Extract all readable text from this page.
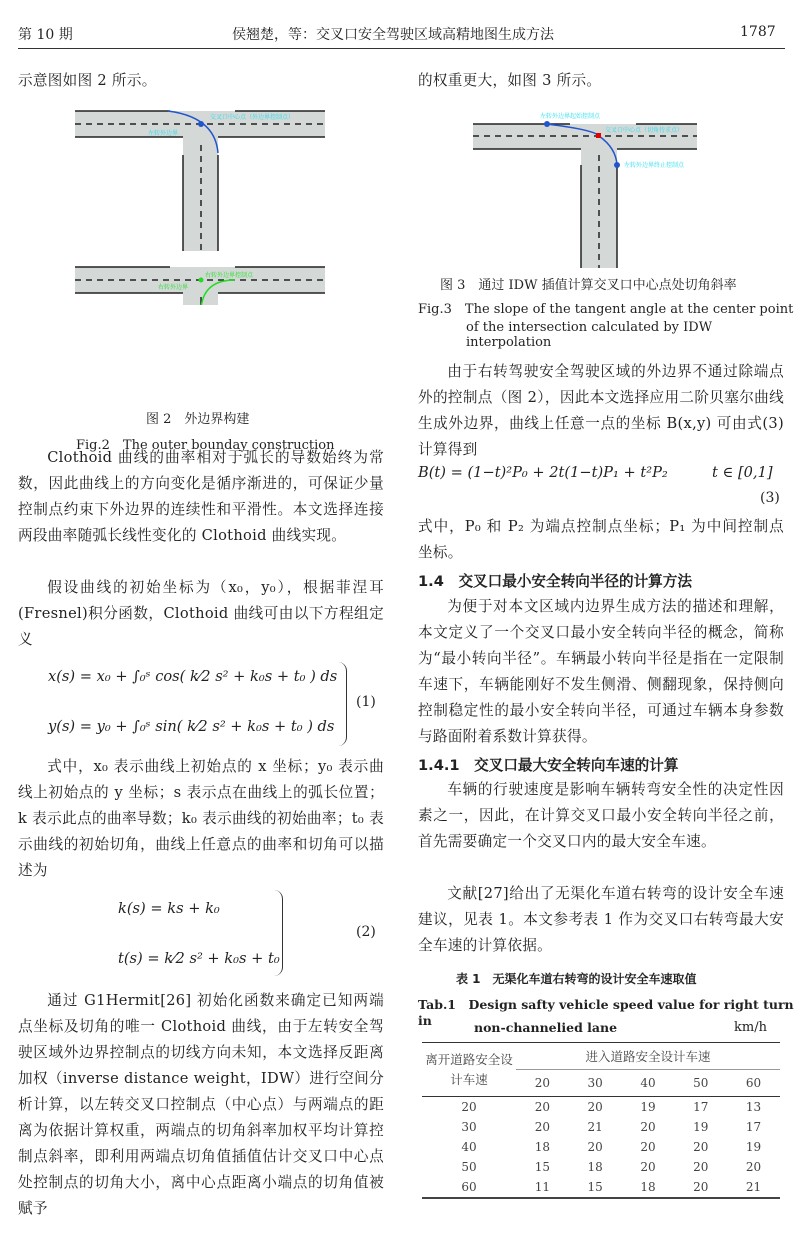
第 10 期	侯翘楚，等：交叉口安全驾驶区域高精地图生成方法	1787
示意图如图 2 所示。
交叉口中心点（外边界控制点）
左转外边界
右转外边界控制点
右转外边界
图 2　外边界构建
Fig.2　The outer bounday construction
Clothoid 曲线的曲率相对于弧长的导数始终为常数，因此曲线上的方向变化是循序渐进的，可保证少量控制点约束下外边界的连续性和平滑性。本文选择连接两段曲率随弧长线性变化的 Clothoid 曲线实现。
假设曲线的初始坐标为（x₀，y₀），根据菲涅耳(Fresnel)积分函数，Clothoid 曲线可由以下方程组定义
x(s) = x₀ + ∫₀ˢ cos( k⁄2 s² + k₀s + t₀ ) ds
y(s) = y₀ + ∫₀ˢ sin( k⁄2 s² + k₀s + t₀ ) ds
(1)
式中，x₀ 表示曲线上初始点的 x 坐标；y₀ 表示曲线上初始点的 y 坐标；s 表示点在曲线上的弧长位置；k 表示此点的曲率导数；k₀ 表示曲线的初始曲率；t₀ 表示曲线的初始切角，曲线上任意点的曲率和切角可以描述为
k(s) = ks + k₀
t(s) = k⁄2 s² + k₀s + t₀
(2)
通过 G1Hermit[26] 初始化函数来确定已知两端点坐标及切角的唯一 Clothoid 曲线，由于左转安全驾驶区域外边界控制点的切线方向未知，本文选择反距离加权（inverse distance weight，IDW）进行空间分析计算，以左转交叉口控制点（中心点）与两端点的距离为依据计算权重，两端点的切角斜率加权平均计算控制点斜率，即利用两端点切角值插值估计交叉口中心点处控制点的切角大小，离中心点距离小端点的切角值被赋予
的权重更大，如图 3 所示。
左转外边界起始控制点
交叉口中心点（切角待求点）
左转外边界终止控制点
图 3　通过 IDW 插值计算交叉口中心点处切角斜率
Fig.3　The slope of the tangent angle at the center point
of the intersection calculated by IDW interpolation
由于右转驾驶安全驾驶区域的外边界不通过除端点外的控制点（图 2），因此本文选择应用二阶贝塞尔曲线生成外边界，曲线上任意一点的坐标 B(x,y) 可由式(3)计算得到
B(t) = (1−t)²P₀ + 2t(1−t)P₁ + t²P₂	t ∈ [0,1]
(3)
式中，P₀ 和 P₂ 为端点控制点坐标；P₁ 为中间控制点坐标。
1.4　交叉口最小安全转向半径的计算方法
为便于对本文区域内边界生成方法的描述和理解，本文定义了一个交叉口最小安全转向半径的概念，简称为“最小转向半径”。车辆最小转向半径是指在一定限制车速下，车辆能刚好不发生侧滑、侧翻现象，保持侧向控制稳定性的最小安全转向半径，可通过车辆本身参数与路面附着系数计算获得。
1.4.1　交叉口最大安全转向车速的计算
车辆的行驶速度是影响车辆转弯安全性的决定性因素之一，因此，在计算交叉口最小安全转向半径之前，首先需要确定一个交叉口内的最大安全车速。
文献[27]给出了无渠化车道右转弯的设计安全车速建议，见表 1。本文参考表 1 作为交叉口右转弯最大安全车速的计算依据。
表 1　无渠化车道右转弯的设计安全车速取值
Tab.1　Design safty vehicle speed value for right turn in	non-channelied lane	km/h
离开道路安全设计车速	进入道路安全设计车速				
	20	30	40	50	60
20	20	20	19	17	13
30	20	21	20	19	17
40	18	20	20	20	19
50	15	18	20	20	20
60	11	15	18	20	21
